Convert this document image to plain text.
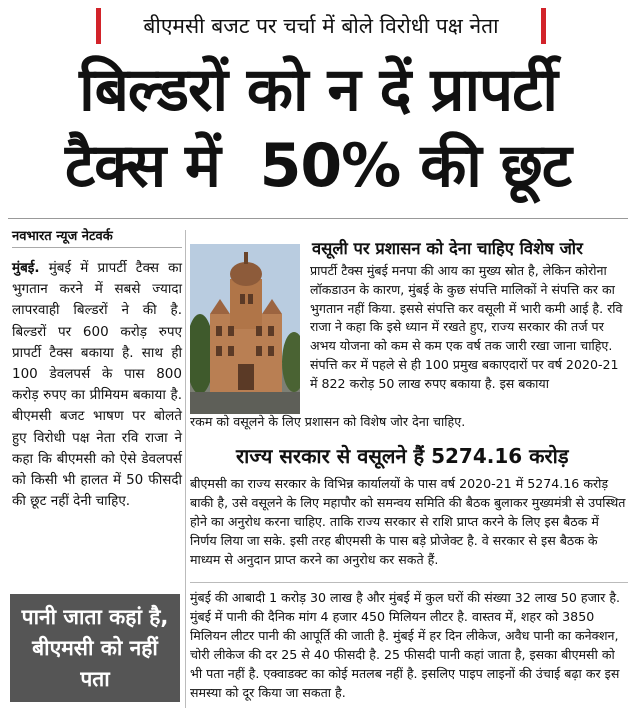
बीएमसी बजट पर चर्चा में बोले विरोधी पक्ष नेता
बिल्डरों को न दें प्रापर्टी
टैक्स में  50% की छूट
नवभारत न्यूज नेटवर्क
मुंबई. मुंबई में प्रापर्टी टैक्स का भुगतान करने में सबसे ज्यादा लापरवाही बिल्डरों ने की है. बिल्डरों पर 600 करोड़ रुपए प्रापर्टी टैक्स बकाया है. साथ ही 100 डेवलपर्स के पास 800 करोड़ रुपए का प्रीमियम बकाया है. बीएमसी बजट भाषण पर बोलते हुए विरोधी पक्ष नेता रवि राजा ने कहा कि बीएमसी को ऐसे डेवलपर्स को किसी भी हालत में 50 फीसदी की छूट नहीं देनी चाहिए.
वसूली पर प्रशासन को देना चाहिए विशेष जोर
प्रापर्टी टैक्स मुंबई मनपा की आय का मुख्य स्रोत है, लेकिन कोरोना लॉकडाउन के कारण, मुंबई के कुछ संपत्ति मालिकों ने संपत्ति कर का भुगतान नहीं किया. इससे संपत्ति कर वसूली में भारी कमी आई है. रवि राजा ने कहा कि इसे ध्यान में रखते हुए, राज्य सरकार की तर्ज पर अभय योजना को कम से कम एक वर्ष तक जारी रखा जाना चाहिए. संपत्ति कर में पहले से ही 100 प्रमुख बकाएदारों पर वर्ष 2020-21 में 822 करोड़ 50 लाख रुपए बकाया है. इस बकाया
रकम को वसूलने के लिए प्रशासन को विशेष जोर देना चाहिए.
राज्य सरकार से वसूलने हैं 5274.16 करोड़
बीएमसी का राज्य सरकार के विभिन्न कार्यालयों के पास वर्ष 2020-21 में 5274.16 करोड़ बाकी है, उसे वसूलने के लिए महापौर को समन्वय समिति की बैठक बुलाकर मुख्यमंत्री से उपस्थित होने का अनुरोध करना चाहिए. ताकि राज्य सरकार से राशि प्राप्त करने के लिए इस बैठक में निर्णय लिया जा सके. इसी तरह बीएमसी के पास बड़े प्रोजेक्ट है. वे सरकार से इस बैठक के माध्यम से अनुदान प्राप्त करने का अनुरोध कर सकते हैं.
पानी जाता कहां है, बीएमसी को नहीं पता
मुंबई की आबादी 1 करोड़ 30 लाख है और मुंबई में कुल घरों की संख्या 32 लाख 50 हजार है. मुंबई में पानी की दैनिक मांग 4 हजार 450 मिलियन लीटर है. वास्तव में, शहर को 3850 मिलियन लीटर पानी की आपूर्ति की जाती है. मुंबई में हर दिन लीकेज, अवैध पानी का कनेक्शन, चोरी लीकेज की दर 25 से 40 फीसदी है. 25 फीसदी पानी कहां जाता है, इसका बीएमसी को भी पता नहीं है. एक्वाडक्ट का कोई मतलब नहीं है. इसलिए पाइप लाइनों की उंचाई बढ़ा कर इस समस्या को दूर किया जा सकता है.
